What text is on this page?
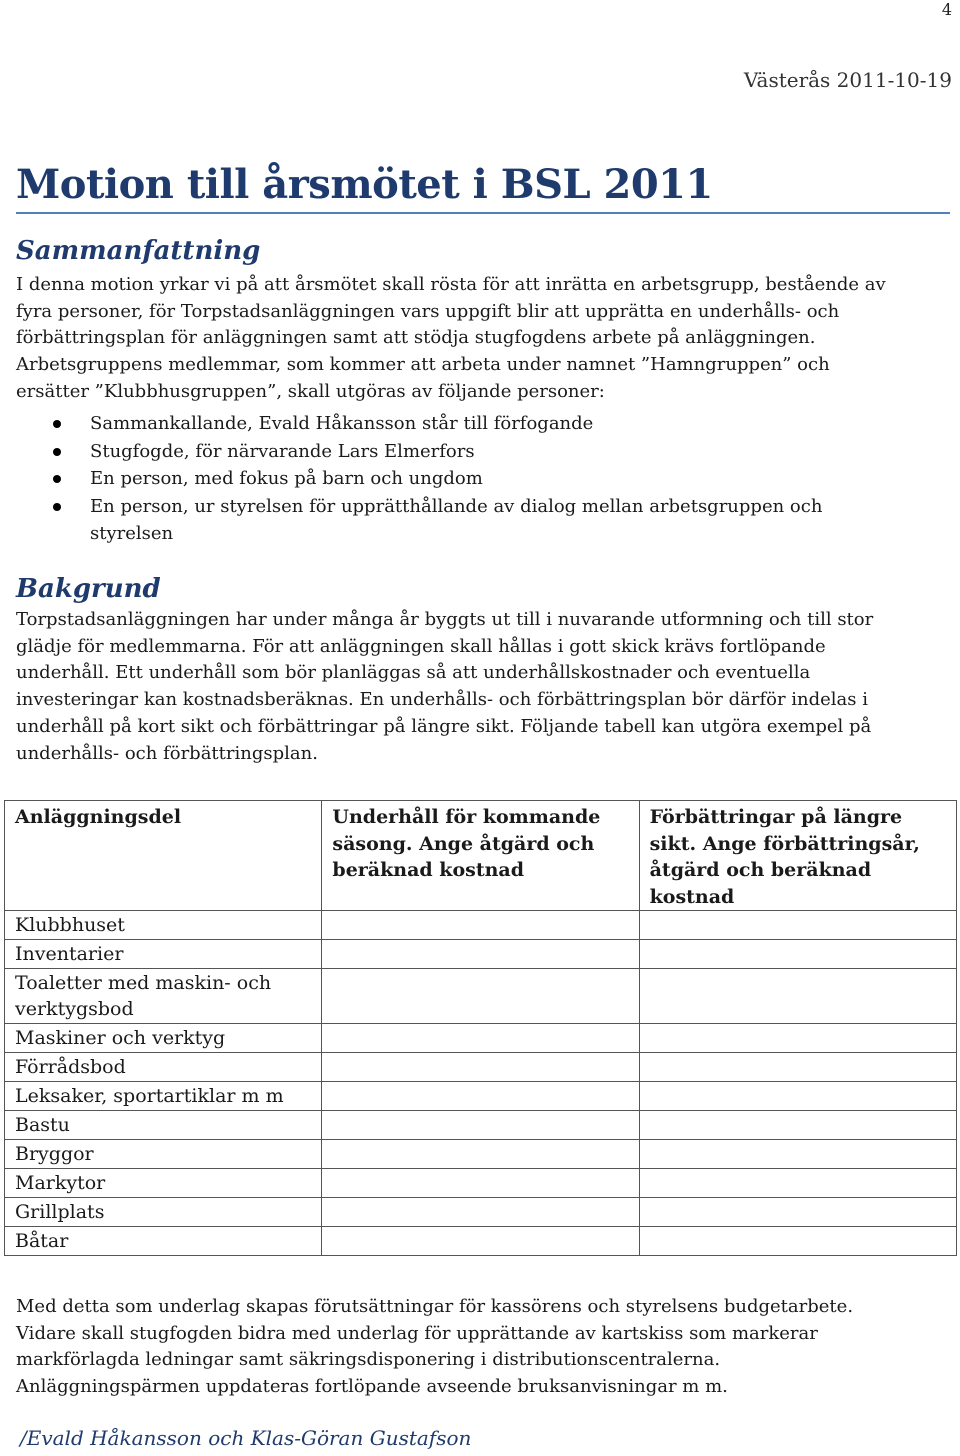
4
Västerås 2011-10-19
Motion till årsmötet i BSL 2011
Sammanfattning
I denna motion yrkar vi på att årsmötet skall rösta för att inrätta en arbetsgrupp, bestående av
fyra personer, för Torpstadsanläggningen vars uppgift blir att upprätta en underhålls- och
förbättringsplan för anläggningen samt att stödja stugfogdens arbete på anläggningen.
Arbetsgruppens medlemmar, som kommer att arbeta under namnet ”Hamngruppen” och
ersätter ”Klubbhusgruppen”, skall utgöras av följande personer:
Sammankallande, Evald Håkansson står till förfogande
Stugfogde, för närvarande Lars Elmerfors
En person, med fokus på barn och ungdom
En person, ur styrelsen för upprätthållande av dialog mellan arbetsgruppen och styrelsen
Bakgrund
Torpstadsanläggningen har under många år byggts ut till i nuvarande utformning och till stor
glädje för medlemmarna. För att anläggningen skall hållas i gott skick krävs fortlöpande
underhåll. Ett underhåll som bör planläggas så att underhållskostnader och eventuella
investeringar kan kostnadsberäknas. En underhålls- och förbättringsplan bör därför indelas i
underhåll på kort sikt och förbättringar på längre sikt. Följande tabell kan utgöra exempel på
underhålls- och förbättringsplan.
Anläggningsdel	Underhåll för kommande säsong. Ange åtgärd och beräknad kostnad	Förbättringar på längre sikt. Ange förbättringsår, åtgärd och beräknad kostnad
Klubbhuset		
Inventarier		
Toaletter med maskin- och verktygsbod		
Maskiner och verktyg		
Förrådsbod		
Leksaker, sportartiklar m m		
Bastu		
Bryggor		
Markytor		
Grillplats		
Båtar		
Med detta som underlag skapas förutsättningar för kassörens och styrelsens budgetarbete.
Vidare skall stugfogden bidra med underlag för upprättande av kartskiss som markerar
markförlagda ledningar samt säkringsdisponering i distributionscentralerna.
Anläggningspärmen uppdateras fortlöpande avseende bruksanvisningar m m.
/Evald Håkansson och Klas-Göran Gustafson
